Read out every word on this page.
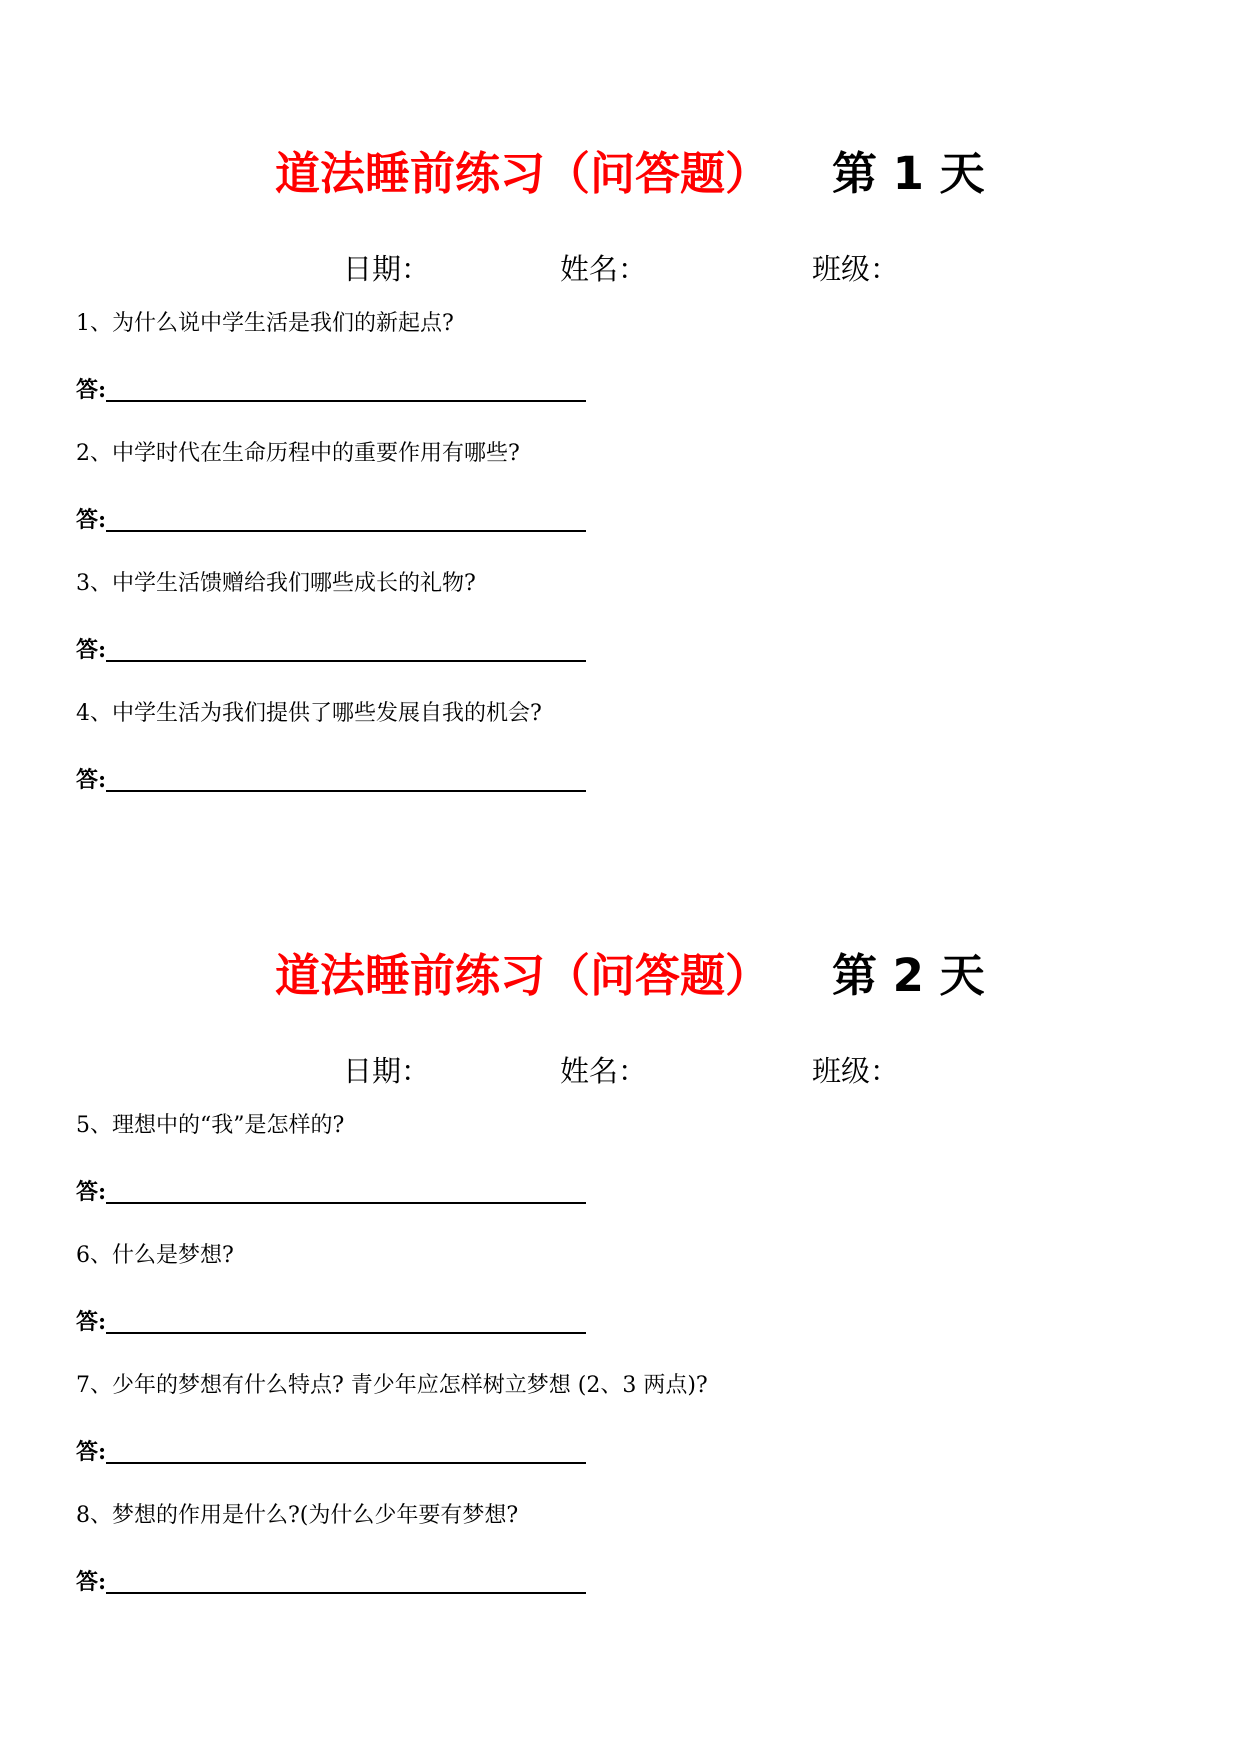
道法睡前练习（问答题） 第 1 天
日期：	姓名：	班级：
1、为什么说中学生活是我们的新起点?
答:
2、中学时代在生命历程中的重要作用有哪些?
答:
3、中学生活馈赠给我们哪些成长的礼物?
答:
4、中学生活为我们提供了哪些发展自我的机会?
答:
道法睡前练习（问答题） 第 2 天
日期：	姓名：	班级：
5、理想中的“我”是怎样的?
答:
6、什么是梦想?
答:
7、少年的梦想有什么特点? 青少年应怎样树立梦想 (2、3 两点)?
答:
8、梦想的作用是什么?(为什么少年要有梦想?
答:
